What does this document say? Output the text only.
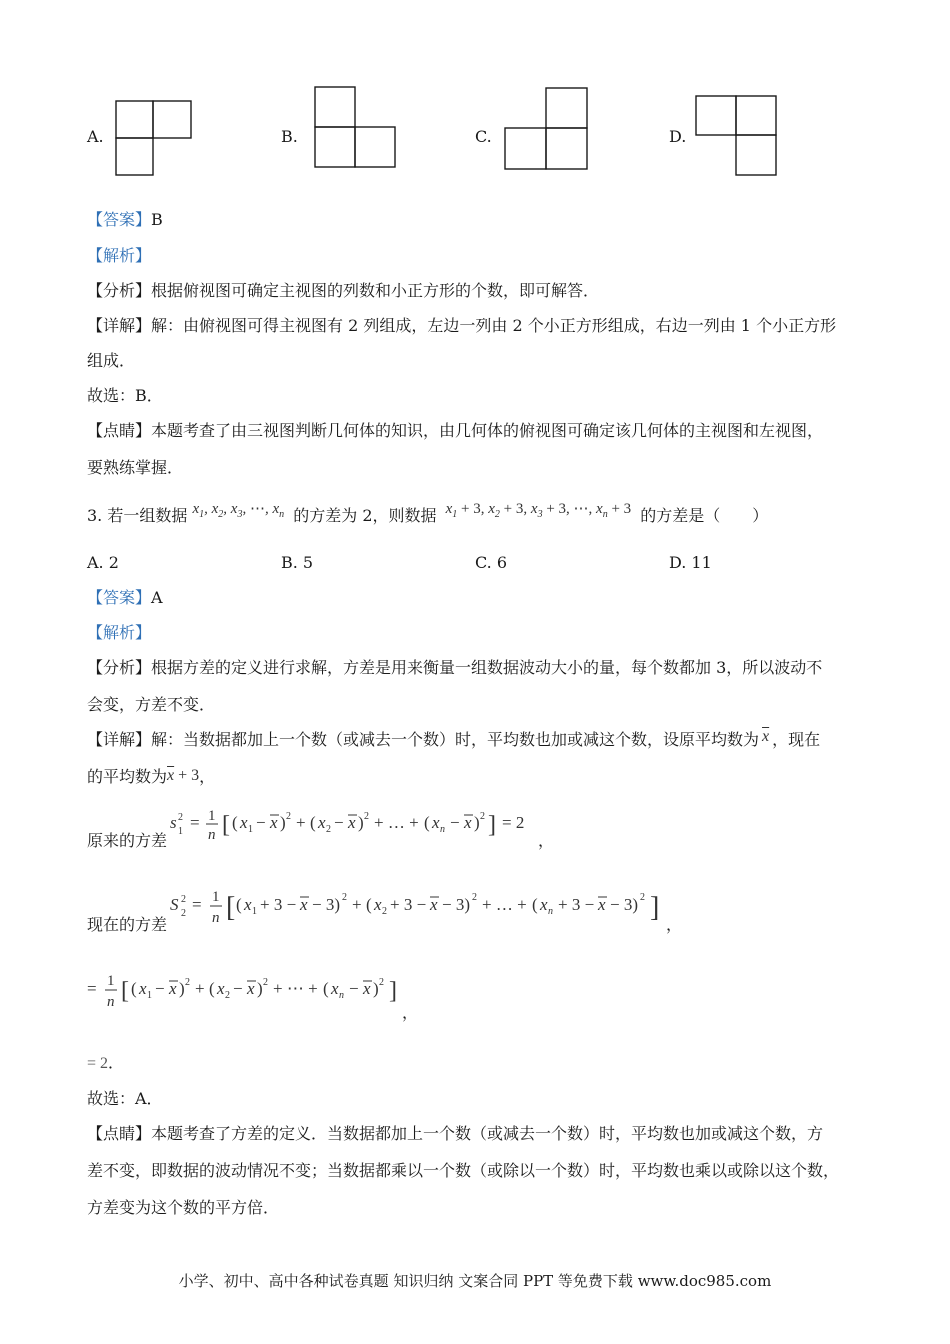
A.	B.	C.	D.
【答案】B
【解析】
【分析】根据俯视图可确定主视图的列数和小正方形的个数，即可解答．
【详解】解：由俯视图可得主视图有 2 列组成，左边一列由 2 个小正方形组成，右边一列由 1 个小正方形
组成．
故选：B．
【点睛】本题考查了由三视图判断几何体的知识，由几何体的俯视图可确定该几何体的主视图和左视图，
要熟练掌握．
3. 若一组数据 $x_1$, $x_2$, $x_3$, ⋯, $x_n$ 的方差为 2，则数据 $x_1 + 3$, $x_2 + 3$, $x_3 + 3$, ⋯, $x_n + 3$ 的方差是（　　）
A. 2	B. 5	C. 6	D. 11
【答案】A
【解析】
【分析】根据方差的定义进行求解，方差是用来衡量一组数据波动大小的量，每个数都加 3，所以波动不
会变，方差不变．
【详解】解：当数据都加上一个数（或减去一个数）时，平均数也加或减这个数，设原平均数为 $\overline{x}$ ，现在
的平均数为$\overline{x} + 3$，
原来的方差
s 2
1 = 1
n [ ( x 1 − x ) 2 + ( x 2 − x ) 2 + … + ( x n − x ) 2 ] = 2
，
现在的方差
S 2
2 = 1
n [ ( x 1 + 3 − x − 3) 2 + ( x 2 + 3 − x − 3) 2 + … + ( x n + 3 − x − 3) 2 ]
，
= 1
n [ ( x 1 − x ) 2 + ( x 2 − x ) 2 + ⋯ + ( x n − x ) 2 ]
，
= 2．
故选：A．
【点睛】本题考查了方差的定义．当数据都加上一个数（或减去一个数）时，平均数也加或减这个数，方
差不变，即数据的波动情况不变；当数据都乘以一个数（或除以一个数）时，平均数也乘以或除以这个数，
方差变为这个数的平方倍．
小学、初中、高中各种试卷真题 知识归纳 文案合同 PPT 等免费下载 www.doc985.com
